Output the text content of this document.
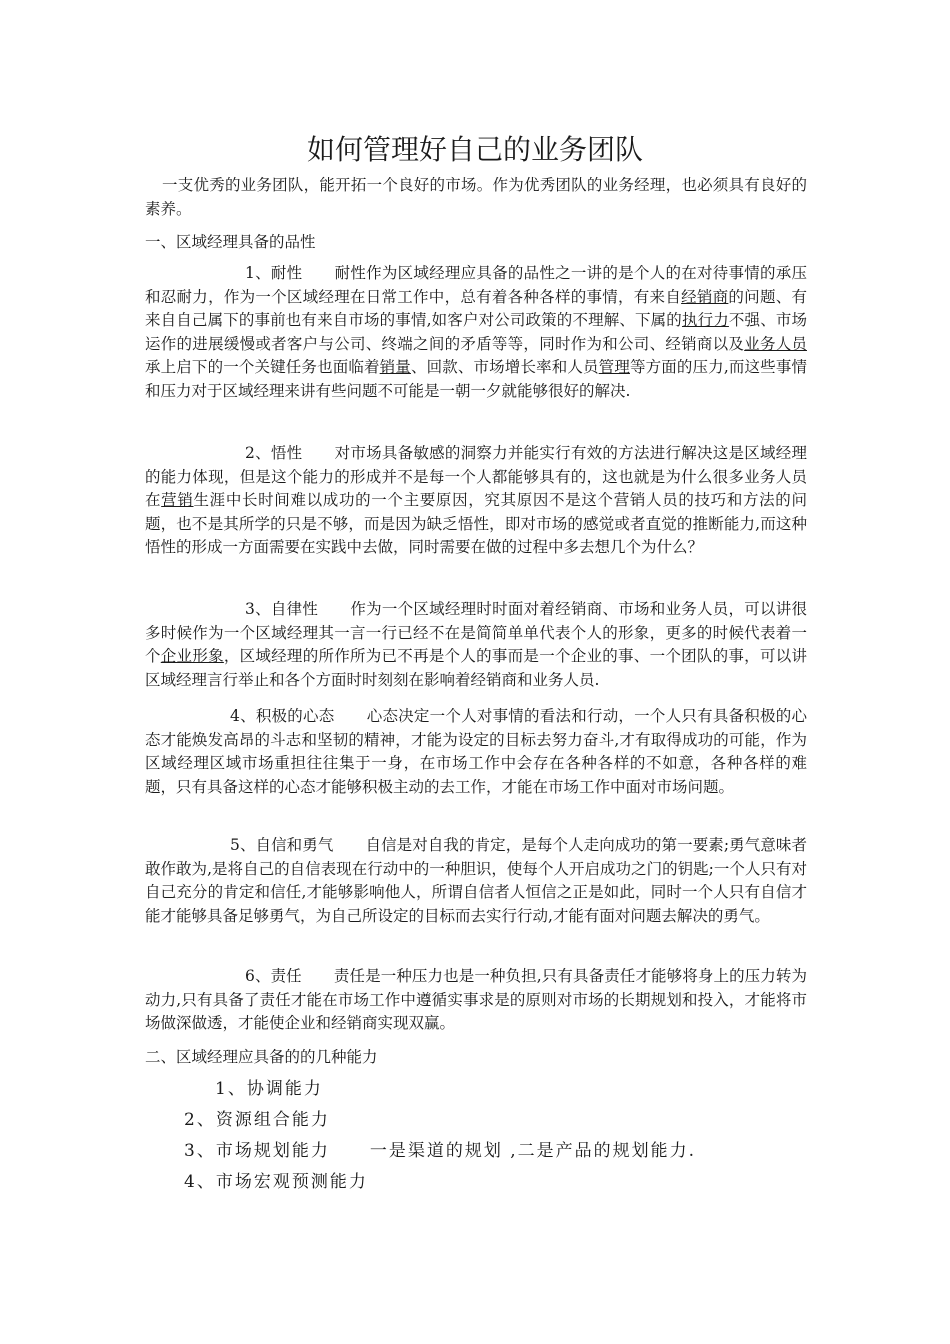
如何管理好自己的业务团队

一支优秀的业务团队，能开拓一个良好的市场。作为优秀团队的业务经理，也必须具有良好的素养。

一、区域经理具备的品性

1、耐性 耐性作为区域经理应具备的品性之一讲的是个人的在对待事情的承压和忍耐力，作为一个区域经理在日常工作中，总有着各种各样的事情，有来自经销商的问题、有来自自己属下的事前也有来自市场的事情,如客户对公司政策的不理解、下属的执行力不强、市场运作的进展缓慢或者客户与公司、终端之间的矛盾等等，同时作为和公司、经销商以及业务人员承上启下的一个关键任务也面临着销量、回款、市场增长率和人员管理等方面的压力,而这些事情和压力对于区域经理来讲有些问题不可能是一朝一夕就能够很好的解决.

2、悟性 对市场具备敏感的洞察力并能实行有效的方法进行解决这是区域经理的能力体现，但是这个能力的形成并不是每一个人都能够具有的，这也就是为什么很多业务人员在营销生涯中长时间难以成功的一个主要原因，究其原因不是这个营销人员的技巧和方法的问题，也不是其所学的只是不够，而是因为缺乏悟性，即对市场的感觉或者直觉的推断能力,而这种悟性的形成一方面需要在实践中去做，同时需要在做的过程中多去想几个为什么？

3、自律性 作为一个区域经理时时面对着经销商、市场和业务人员，可以讲很多时候作为一个区域经理其一言一行已经不在是简简单单代表个人的形象，更多的时候代表着一个企业形象，区域经理的所作所为已不再是个人的事而是一个企业的事、一个团队的事，可以讲区域经理言行举止和各个方面时时刻刻在影响着经销商和业务人员.

4、积极的心态 心态决定一个人对事情的看法和行动，一个人只有具备积极的心态才能焕发高昂的斗志和坚韧的精神，才能为设定的目标去努力奋斗,才有取得成功的可能，作为区域经理区域市场重担往往集于一身，在市场工作中会存在各种各样的不如意，各种各样的难题，只有具备这样的心态才能够积极主动的去工作，才能在市场工作中面对市场问题。

5、自信和勇气 自信是对自我的肯定，是每个人走向成功的第一要素;勇气意味者敢作敢为,是将自己的自信表现在行动中的一种胆识，使每个人开启成功之门的钥匙;一个人只有对自己充分的肯定和信任,才能够影响他人，所谓自信者人恒信之正是如此，同时一个人只有自信才能才能够具备足够勇气，为自己所设定的目标而去实行行动,才能有面对问题去解决的勇气。

6、责任 责任是一种压力也是一种负担,只有具备责任才能够将身上的压力转为动力,只有具备了责任才能在市场工作中遵循实事求是的原则对市场的长期规划和投入，才能将市场做深做透，才能使企业和经销商实现双赢。

二、区域经理应具备的的几种能力

1、协调能力
2、资源组合能力
3、市场规划能力 一是渠道的规划 ,二是产品的规划能力.
4、市场宏观预测能力
